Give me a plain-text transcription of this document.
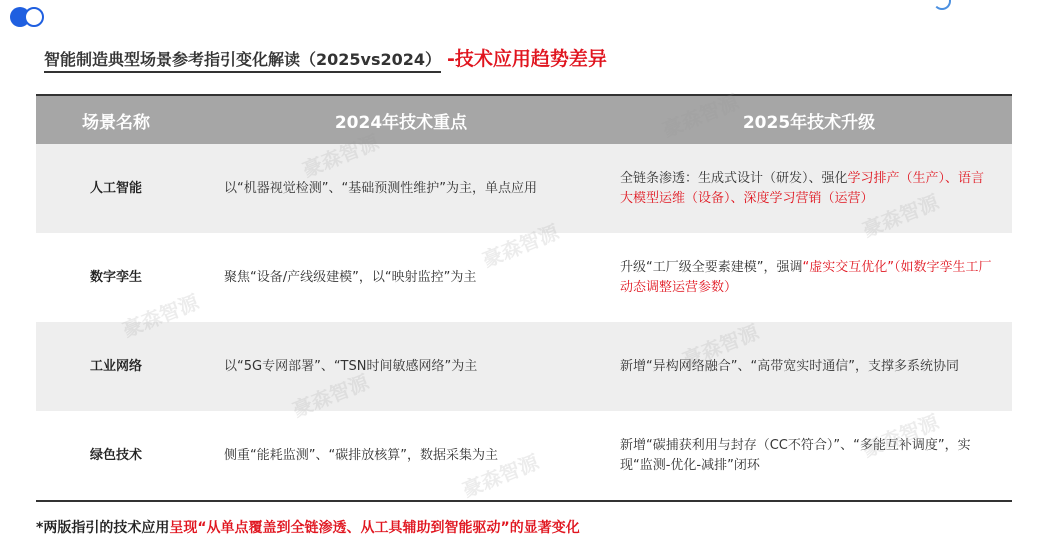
智能制造典型场景参考指引变化解读（2025vs2024） -技术应用趋势差异
场景名称	2024年技术重点	2025年技术升级
人工智能	以“机器视觉检测”、“基础预测性维护”为主，单点应用	全链条渗透：生成式设计（研发）、强化学习排产（生产）、语言大模型运维（设备）、深度学习营销（运营）
数字孪生	聚焦“设备/产线级建模”，以“映射监控”为主	升级“工厂级全要素建模”，强调“虚实交互优化”（如数字孪生工厂动态调整运营参数）
工业网络	以“5G专网部署”、“TSN时间敏感网络”为主	新增“异构网络融合”、“高带宽实时通信”，支撑多系统协同
绿色技术	侧重“能耗监测”、“碳排放核算”，数据采集为主	新增“碳捕获利用与封存（CC不符合）”、“多能互补调度”，实现“监测-优化-减排”闭环
*两版指引的技术应用呈现“从单点覆盖到全链渗透、从工具辅助到智能驱动”的显著变化
